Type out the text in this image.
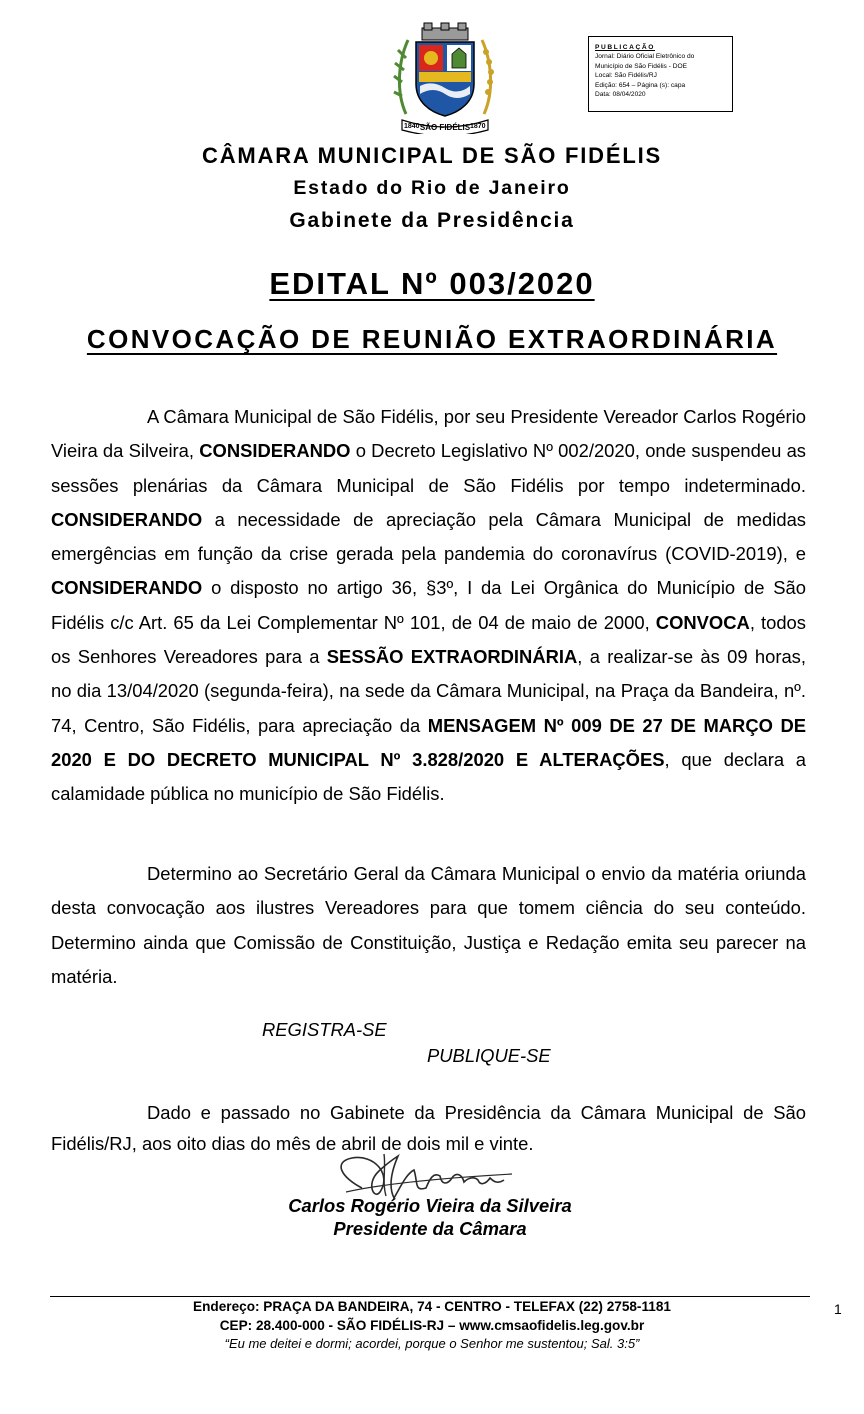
1840 SÃO FIDÉLIS 1870
PUBLICAÇÃO
Jornal: Diário Oficial Eletrônico do
Município de São Fidélis - DOE
Local: São Fidélis/RJ
Edição: 654 – Página (s): capa
Data: 08/04/2020
CÂMARA MUNICIPAL DE SÃO FIDÉLIS
Estado do Rio de Janeiro
Gabinete da Presidência
EDITAL Nº 003/2020
CONVOCAÇÃO DE REUNIÃO EXTRAORDINÁRIA
A Câmara Municipal de São Fidélis, por seu Presidente Vereador Carlos Rogério Vieira da Silveira, CONSIDERANDO o Decreto Legislativo Nº 002/2020, onde suspendeu as sessões plenárias da Câmara Municipal de São Fidélis por tempo indeterminado. CONSIDERANDO a necessidade de apreciação pela Câmara Municipal de medidas emergências em função da crise gerada pela pandemia do coronavírus (COVID-2019), e CONSIDERANDO o disposto no artigo 36, §3º, I da Lei Orgânica do Município de São Fidélis c/c Art. 65 da Lei Complementar Nº 101, de 04 de maio de 2000, CONVOCA, todos os Senhores Vereadores para a SESSÃO EXTRAORDINÁRIA, a realizar-se às 09 horas, no dia 13/04/2020 (segunda-feira), na sede da Câmara Municipal, na Praça da Bandeira, nº. 74, Centro, São Fidélis, para apreciação da MENSAGEM Nº 009 DE 27 DE MARÇO DE 2020 E DO DECRETO MUNICIPAL Nº 3.828/2020 E ALTERAÇÕES, que declara a calamidade pública no município de São Fidélis.
Determino ao Secretário Geral da Câmara Municipal o envio da matéria oriunda desta convocação aos ilustres Vereadores para que tomem ciência do seu conteúdo. Determino ainda que Comissão de Constituição, Justiça e Redação emita seu parecer na matéria.
REGISTRA-SE
PUBLIQUE-SE
Dado e passado no Gabinete da Presidência da Câmara Municipal de São Fidélis/RJ, aos oito dias do mês de abril de dois mil e vinte.
Carlos Rogério Vieira da Silveira
Presidente da Câmara
Endereço: PRAÇA DA BANDEIRA, 74 - CENTRO - TELEFAX (22) 2758-1181
CEP: 28.400-000 - SÃO FIDÉLIS-RJ – www.cmsaofidelis.leg.gov.br
“Eu me deitei e dormi; acordei, porque o Senhor me sustentou; Sal. 3:5”
1
